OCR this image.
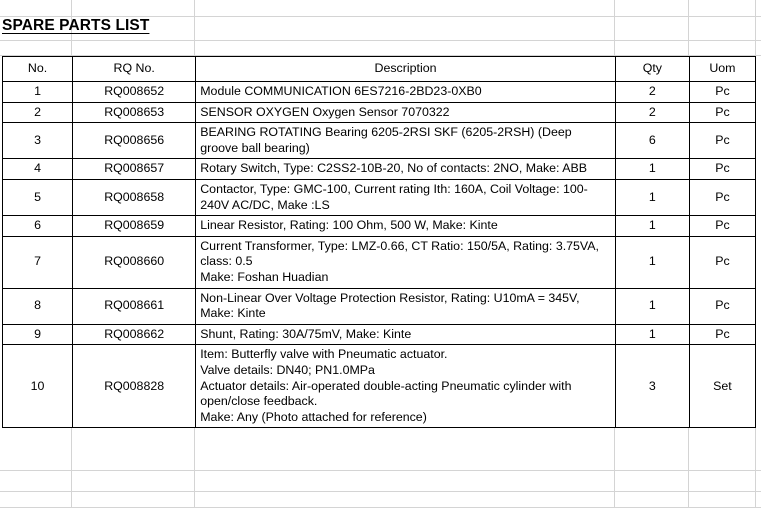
SPARE PARTS LIST
No.	RQ No.	Description	Qty	Uom
1	RQ008652	Module COMMUNICATION 6ES7216-2BD23-0XB0	2	Pc
2	RQ008653	SENSOR OXYGEN Oxygen Sensor 7070322	2	Pc
3	RQ008656	BEARING ROTATING Bearing 6205-2RSI SKF (6205-2RSH) (Deep groove ball bearing)	6	Pc
4	RQ008657	Rotary Switch, Type: C2SS2-10B-20, No of contacts: 2NO, Make: ABB	1	Pc
5	RQ008658	Contactor, Type: GMC-100, Current rating Ith: 160A, Coil Voltage: 100-240V AC/DC, Make :LS	1	Pc
6	RQ008659	Linear Resistor, Rating: 100 Ohm, 500 W, Make: Kinte	1	Pc
7	RQ008660	Current Transformer, Type: LMZ-0.66, CT Ratio: 150/5A, Rating: 3.75VA, class: 0.5
Make: Foshan Huadian	1	Pc
8	RQ008661	Non-Linear Over Voltage Protection Resistor, Rating: U10mA = 345V, Make: Kinte	1	Pc
9	RQ008662	Shunt, Rating: 30A/75mV, Make: Kinte	1	Pc
10	RQ008828	Item: Butterfly valve with Pneumatic actuator.
Valve details: DN40; PN1.0MPa
Actuator details: Air-operated double-acting Pneumatic cylinder with open/close feedback.
Make: Any (Photo attached for reference)	3	Set
